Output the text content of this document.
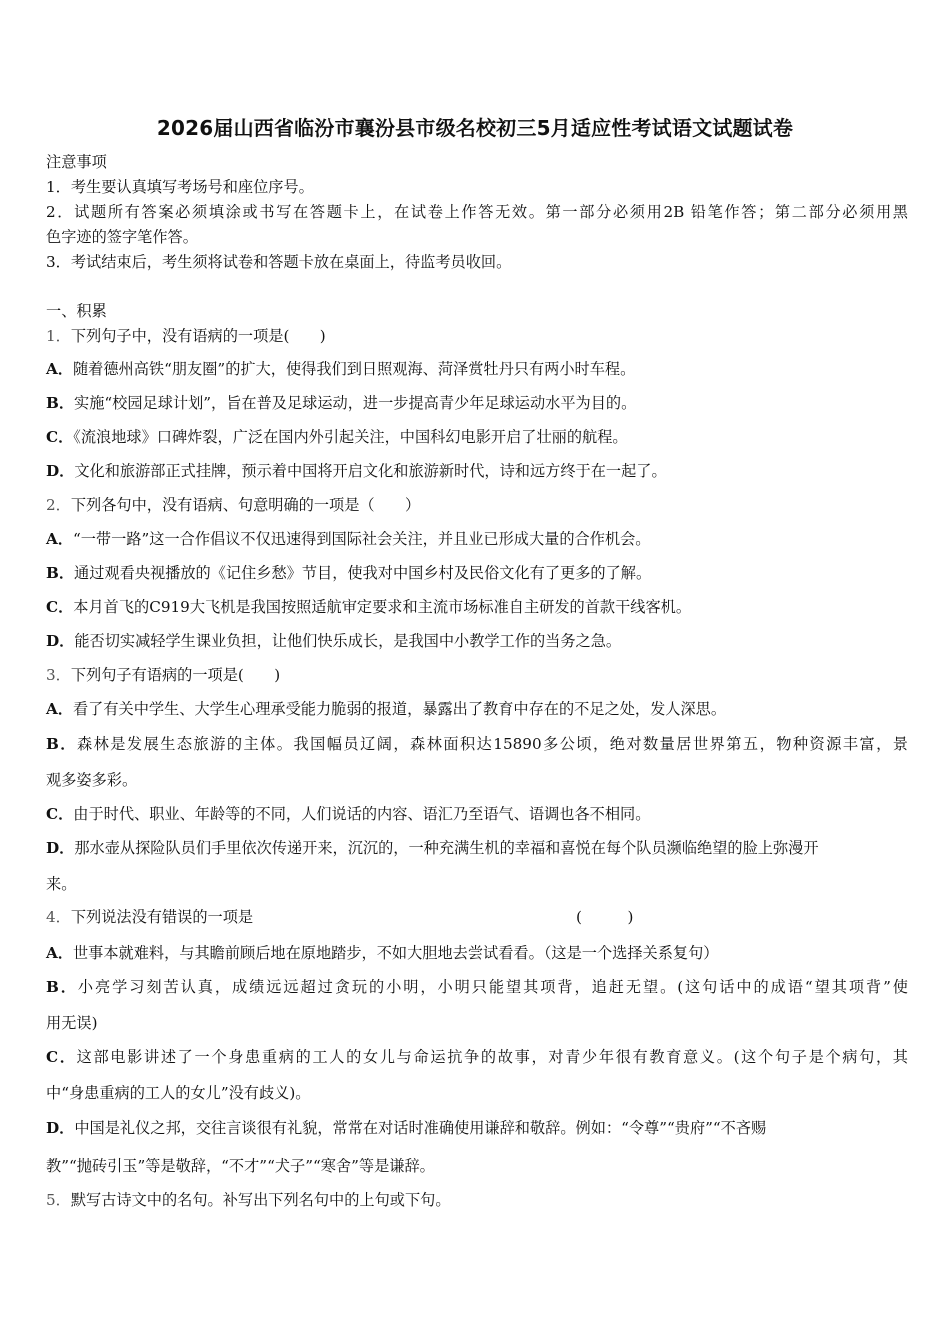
2026届山西省临汾市襄汾县市级名校初三5月适应性考试语文试题试卷
注意事项
1．考生要认真填写考场号和座位序号。
2．试题所有答案必须填涂或书写在答题卡上，在试卷上作答无效。第一部分必须用2B 铅笔作答；第二部分必须用黑
色字迹的签字笔作答。
3．考试结束后，考生须将试卷和答题卡放在桌面上，待监考员收回。
一、积累
1．下列句子中，没有语病的一项是(　　)
A．随着德州高铁“朋友圈”的扩大，使得我们到日照观海、菏泽赏牡丹只有两小时车程。
B．实施“校园足球计划”，旨在普及足球运动，进一步提高青少年足球运动水平为目的。
C．《流浪地球》口碑炸裂，广泛在国内外引起关注，中国科幻电影开启了壮丽的航程。
D．文化和旅游部正式挂牌，预示着中国将开启文化和旅游新时代，诗和远方终于在一起了。
2．下列各句中，没有语病、句意明确的一项是（　　）
A．“一带一路”这一合作倡议不仅迅速得到国际社会关注，并且业已形成大量的合作机会。
B．通过观看央视播放的《记住乡愁》节目，使我对中国乡村及民俗文化有了更多的了解。
C．本月首飞的C919大飞机是我国按照适航审定要求和主流市场标准自主研发的首款干线客机。
D．能否切实减轻学生课业负担，让他们快乐成长，是我国中小教学工作的当务之急。
3．下列句子有语病的一项是(　　)
A．看了有关中学生、大学生心理承受能力脆弱的报道，暴露出了教育中存在的不足之处，发人深思。
B．森林是发展生态旅游的主体。我国幅员辽阔，森林面积达15890多公顷，绝对数量居世界第五，物种资源丰富，景
观多姿多彩。
C．由于时代、职业、年龄等的不同，人们说话的内容、语汇乃至语气、语调也各不相同。
D．那水壶从探险队员们手里依次传递开来，沉沉的，一种充满生机的幸福和喜悦在每个队员濒临绝望的脸上弥漫开
来。
4．下列说法没有错误的一项是	(　　　)
A．世事本就难料，与其瞻前顾后地在原地踏步，不如大胆地去尝试看看。（这是一个选择关系复句）
B．小亮学习刻苦认真，成绩远远超过贪玩的小明，小明只能望其项背，追赶无望。(这句话中的成语“望其项背”使
用无误)
C．这部电影讲述了一个身患重病的工人的女儿与命运抗争的故事，对青少年很有教育意义。(这个句子是个病句，其
中“身患重病的工人的女儿”没有歧义)。
D．中国是礼仪之邦，交往言谈很有礼貌，常常在对话时准确使用谦辞和敬辞。例如：“令尊”“贵府”“不吝赐
教”“抛砖引玉”等是敬辞，“不才”“犬子”“寒舍”等是谦辞。
5．默写古诗文中的名句。补写出下列名句中的上句或下句。
